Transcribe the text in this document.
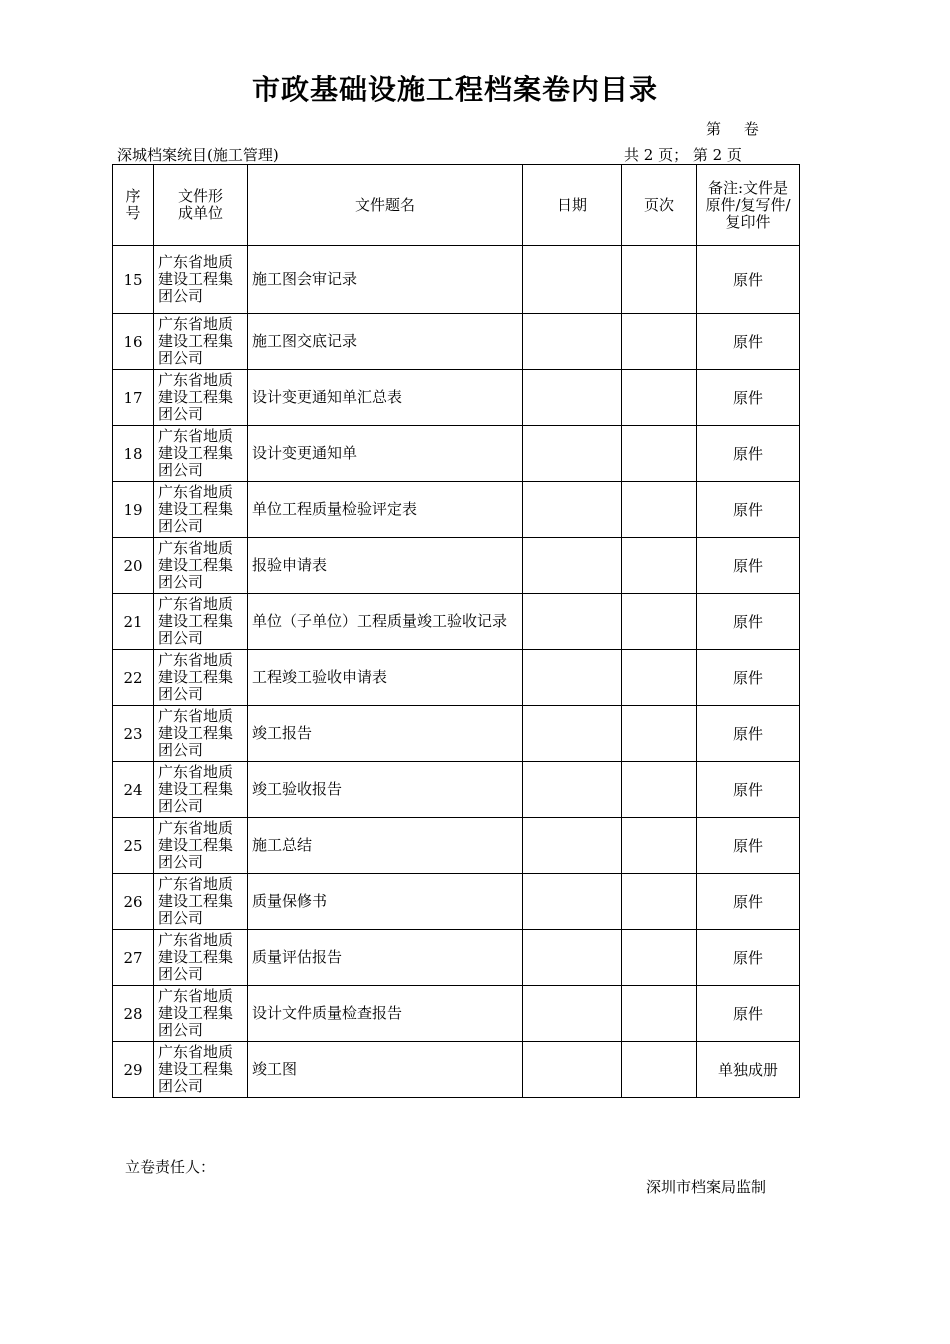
市政基础设施工程档案卷内目录
第 卷
深城档案统目(施工管理)	共 2 页； 第 2 页
序号	文件形成单位	文件题名	日期	页次	备注:文件是原件/复写件/复印件

15	广东省地质建设工程集团公司	施工图会审记录			原件
16	广东省地质建设工程集团公司	施工图交底记录			原件
17	广东省地质建设工程集团公司	设计变更通知单汇总表			原件
18	广东省地质建设工程集团公司	设计变更通知单			原件
19	广东省地质建设工程集团公司	单位工程质量检验评定表			原件
20	广东省地质建设工程集团公司	报验申请表			原件
21	广东省地质建设工程集团公司	单位（子单位）工程质量竣工验收记录			原件
22	广东省地质建设工程集团公司	工程竣工验收申请表			原件
23	广东省地质建设工程集团公司	竣工报告			原件
24	广东省地质建设工程集团公司	竣工验收报告			原件
25	广东省地质建设工程集团公司	施工总结			原件
26	广东省地质建设工程集团公司	质量保修书			原件
27	广东省地质建设工程集团公司	质量评估报告			原件
28	广东省地质建设工程集团公司	设计文件质量检查报告			原件
29	广东省地质建设工程集团公司	竣工图			单独成册
立卷责任人：
深圳市档案局监制
